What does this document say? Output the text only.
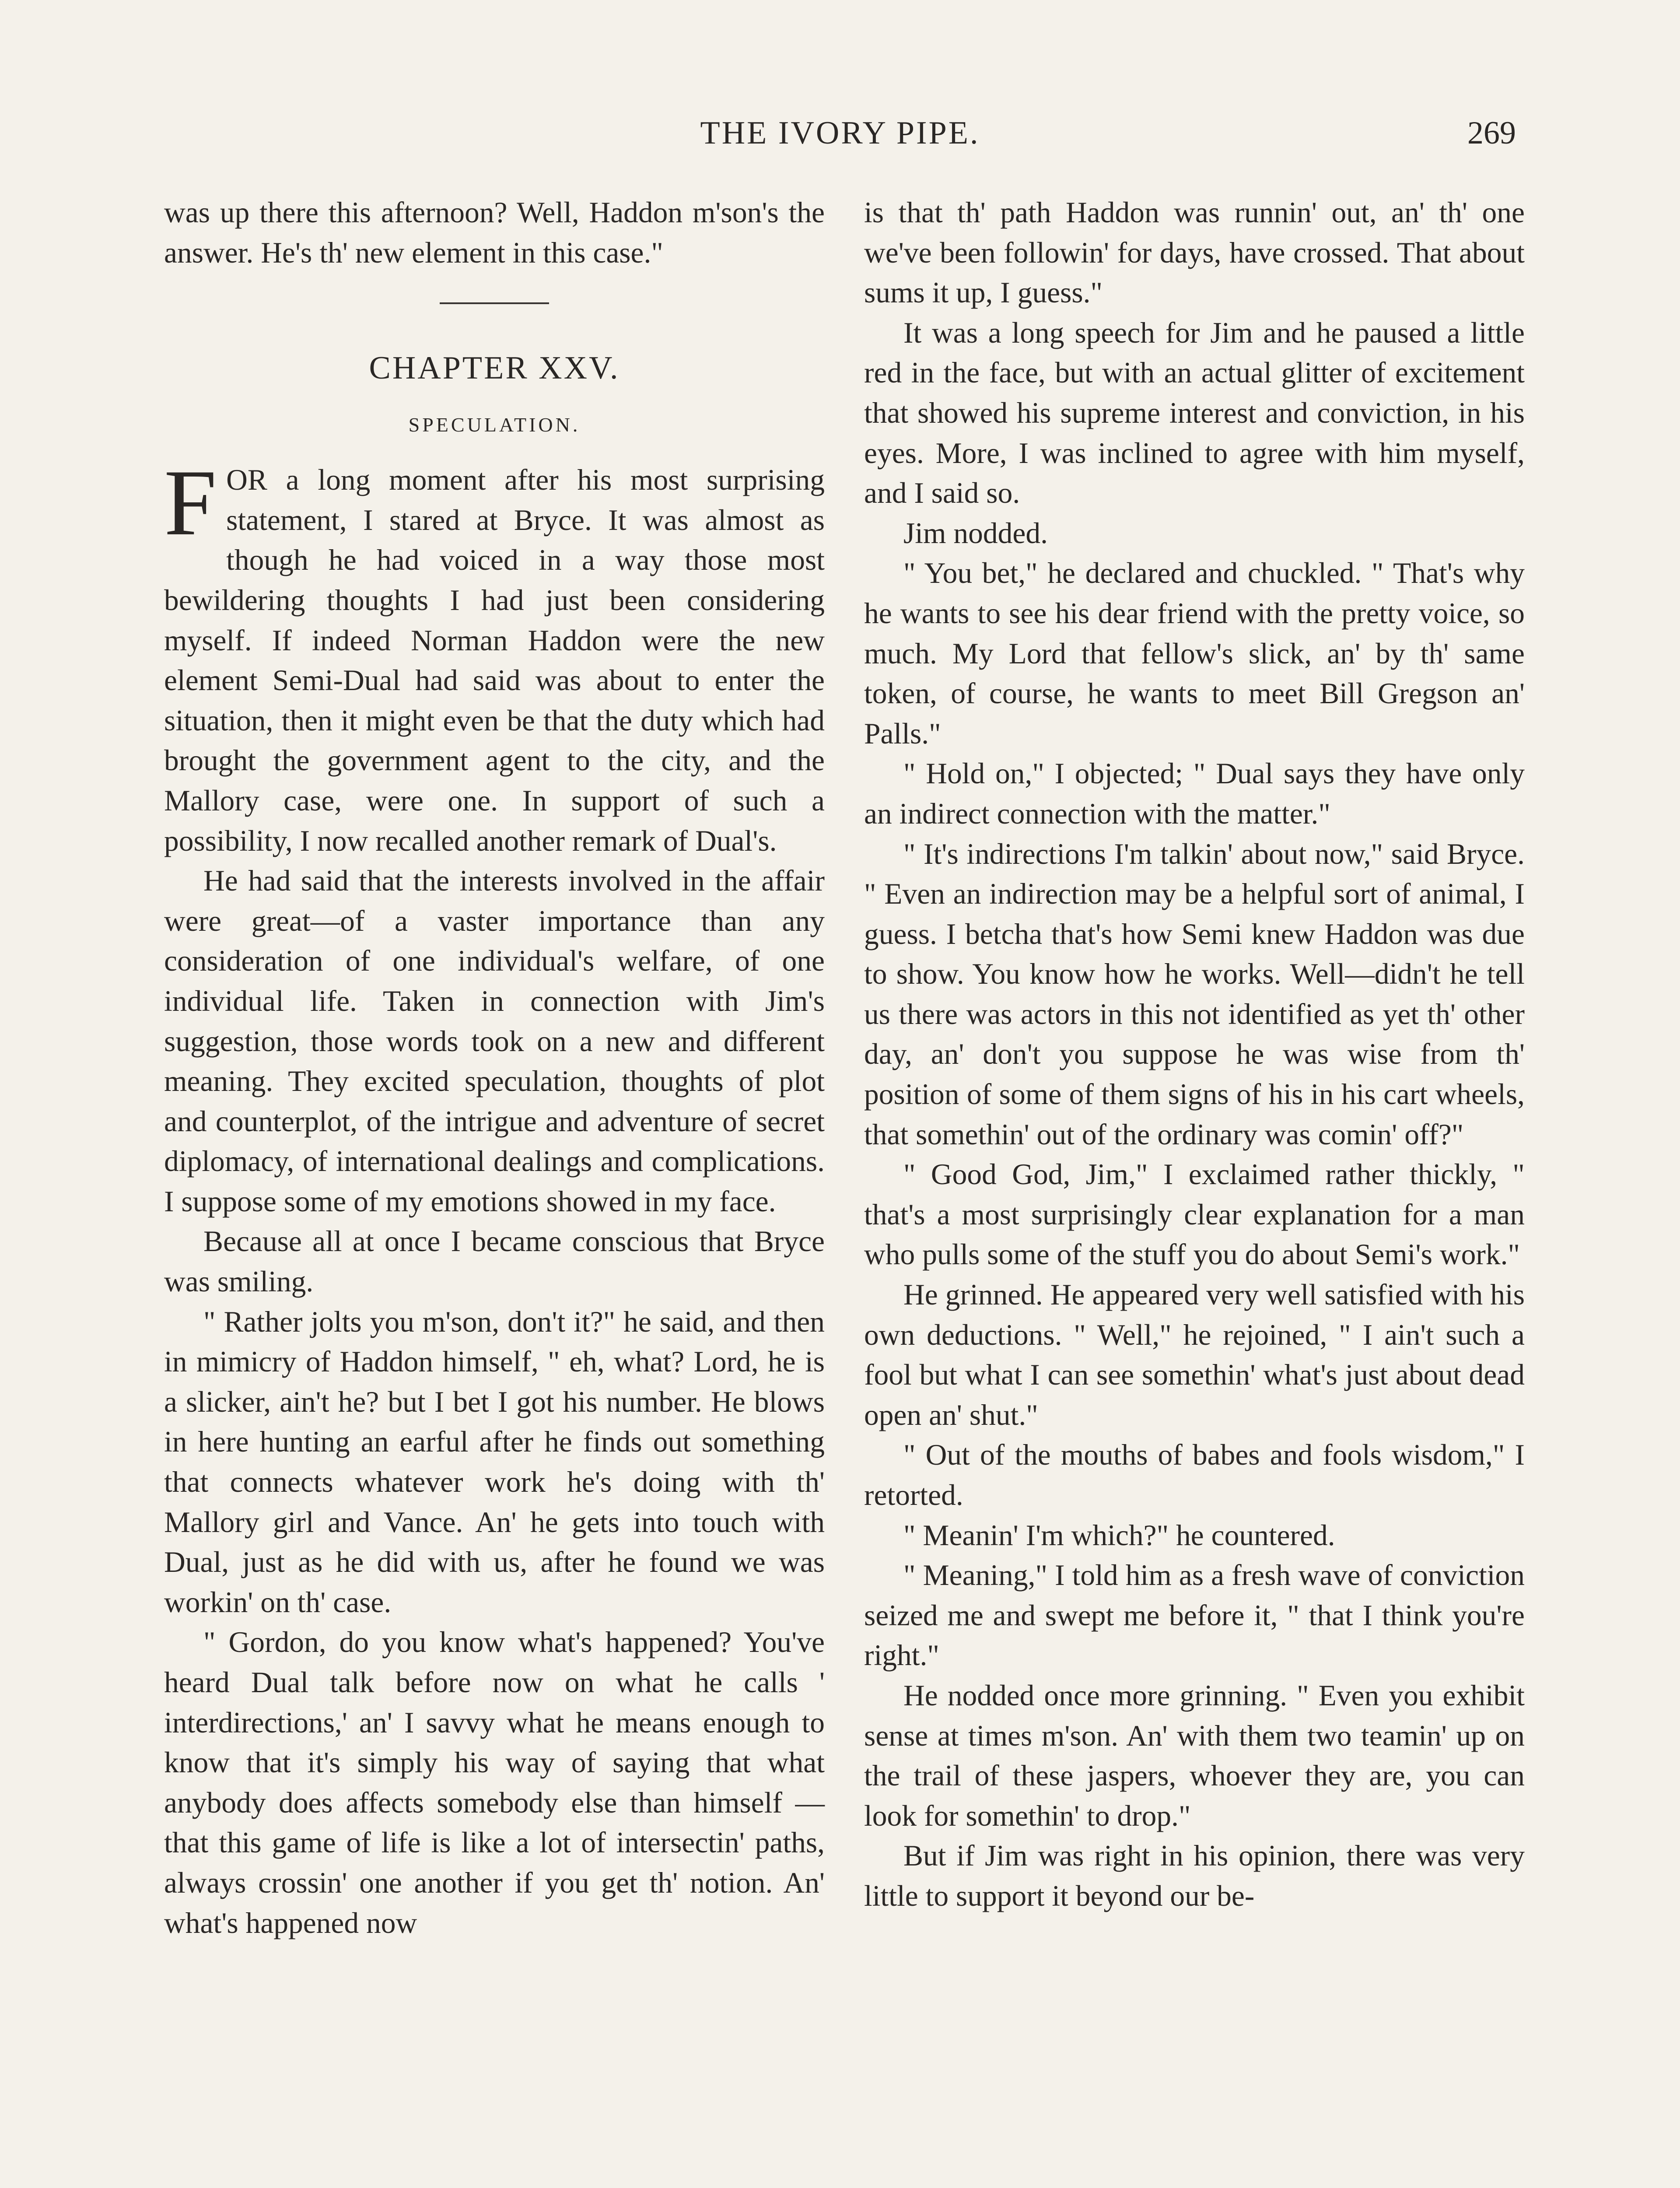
THE IVORY PIPE.	269

was up there this afternoon? Well, Haddon m'son's the answer. He's th' new element in this case."

CHAPTER XXV.

SPECULATION.

FOR a long moment after his most surprising statement, I stared at Bryce. It was almost as though he had voiced in a way those most bewildering thoughts I had just been considering myself. If indeed Norman Haddon were the new element Semi-Dual had said was about to enter the situation, then it might even be that the duty which had brought the government agent to the city, and the Mallory case, were one. In support of such a possibility, I now recalled another remark of Dual's.

He had said that the interests involved in the affair were great—of a vaster importance than any consideration of one individual's welfare, of one individual life. Taken in connection with Jim's suggestion, those words took on a new and different meaning. They excited speculation, thoughts of plot and counterplot, of the intrigue and adventure of secret diplomacy, of international dealings and complications. I suppose some of my emotions showed in my face.

Because all at once I became conscious that Bryce was smiling.

" Rather jolts you m'son, don't it?" he said, and then in mimicry of Haddon himself, " eh, what? Lord, he is a slicker, ain't he? but I bet I got his number. He blows in here hunting an earful after he finds out something that connects whatever work he's doing with th' Mallory girl and Vance. An' he gets into touch with Dual, just as he did with us, after he found we was workin' on th' case.

" Gordon, do you know what's happened? You've heard Dual talk before now on what he calls ' interdirections,' an' I savvy what he means enough to know that it's simply his way of saying that what anybody does affects somebody else than himself — that this game of life is like a lot of intersectin' paths, always crossin' one another if you get th' notion. An' what's happened now

is that th' path Haddon was runnin' out, an' th' one we've been followin' for days, have crossed. That about sums it up, I guess."

It was a long speech for Jim and he paused a little red in the face, but with an actual glitter of excitement that showed his supreme interest and conviction, in his eyes. More, I was inclined to agree with him myself, and I said so.

Jim nodded.

" You bet," he declared and chuckled. " That's why he wants to see his dear friend with the pretty voice, so much. My Lord that fellow's slick, an' by th' same token, of course, he wants to meet Bill Gregson an' Palls."

" Hold on," I objected; " Dual says they have only an indirect connection with the matter."

" It's indirections I'm talkin' about now," said Bryce. " Even an indirection may be a helpful sort of animal, I guess. I betcha that's how Semi knew Haddon was due to show. You know how he works. Well—didn't he tell us there was actors in this not identified as yet th' other day, an' don't you suppose he was wise from th' position of some of them signs of his in his cart wheels, that somethin' out of the ordinary was comin' off?"

" Good God, Jim," I exclaimed rather thickly, " that's a most surprisingly clear explanation for a man who pulls some of the stuff you do about Semi's work."

He grinned. He appeared very well satisfied with his own deductions. " Well," he rejoined, " I ain't such a fool but what I can see somethin' what's just about dead open an' shut."

" Out of the mouths of babes and fools wisdom," I retorted.

" Meanin' I'm which?" he countered.

" Meaning," I told him as a fresh wave of conviction seized me and swept me before it, " that I think you're right."

He nodded once more grinning. " Even you exhibit sense at times m'son. An' with them two teamin' up on the trail of these jaspers, whoever they are, you can look for somethin' to drop."

But if Jim was right in his opinion, there was very little to support it beyond our be-
